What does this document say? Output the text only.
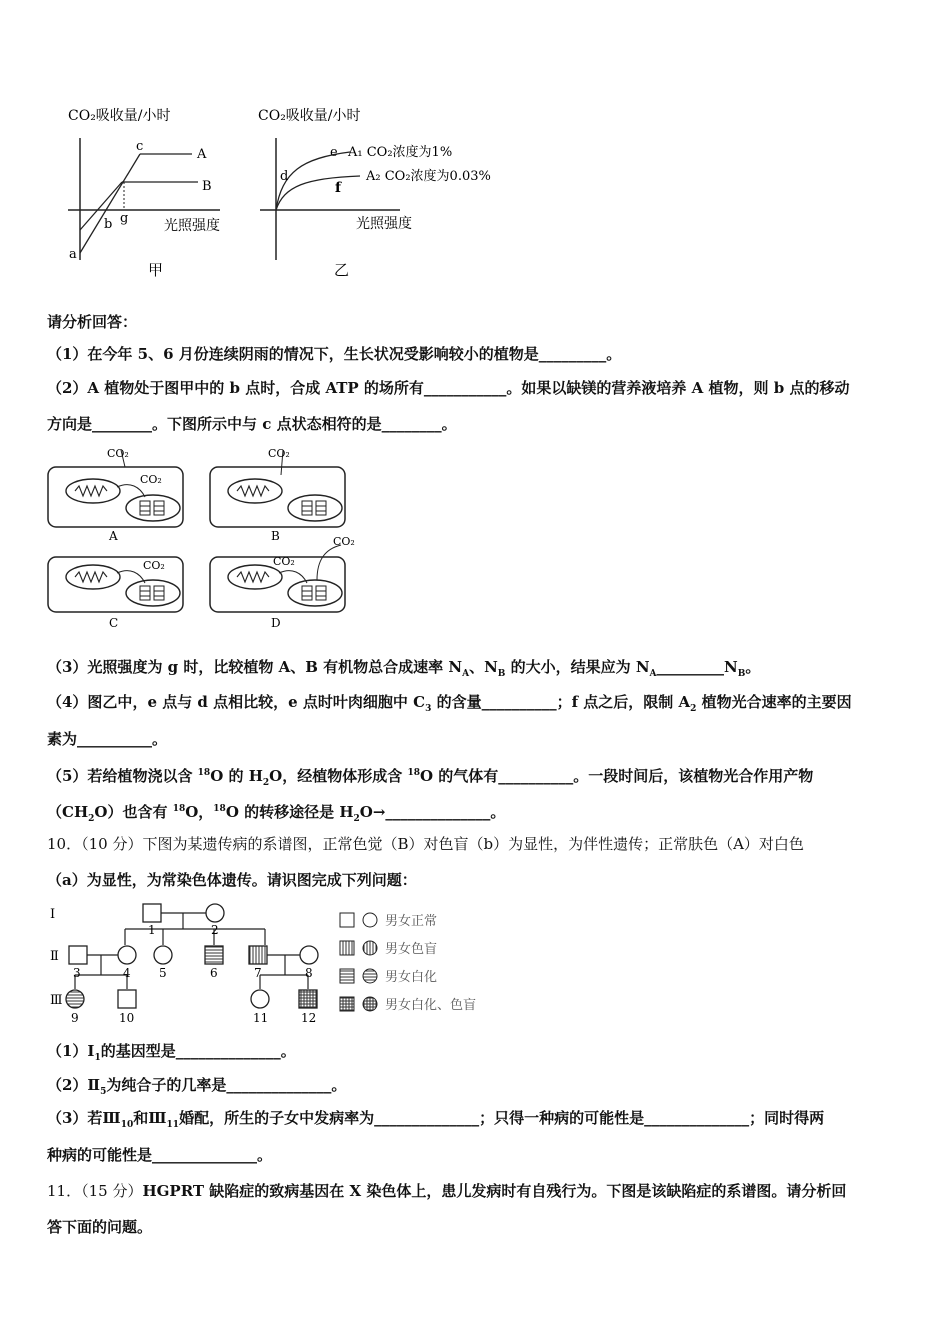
CO₂吸收量/小时
c
A
B
g
b
a
光照强度
甲
CO₂吸收量/小时
e
d
f
A₁ CO₂浓度为1%
A₂ CO₂浓度为0.03%
光照强度
乙
请分析回答：
（1）在今年 5、6 月份连续阴雨的情况下，生长状况受影响较小的植物是_________。
（2）A 植物处于图甲中的 b 点时，合成 ATP 的场所有___________。如果以缺镁的营养液培养 A 植物，则 b 点的移动
方向是________。下图所示中与 c 点状态相符的是________。
CO₂
CO₂
A
CO₂
B
CO₂
C
CO₂
CO₂
D
（3）光照强度为 g 时，比较植物 A、B 有机物总合成速率 $N_A$、$N_B$ 的大小，结果应为 $N_A\_\_\_\_\_\_\_\_\_N_B$。
（4）图乙中，e 点与 d 点相比较，e 点时叶肉细胞中 $C_3$ 的含量__________；f 点之后，限制 $A_2$ 植物光合速率的主要因
素为__________。
（5）若给植物浇以含 $^{18}$O 的 $H_2O$，经植物体形成含 $^{18}$O 的气体有__________。一段时间后，该植物光合作用产物
$(CH_2O)$也含有 $^{18}$O，$^{18}$O 的转移途径是 $H_2O\to\_\_\_\_\_\_\_\_\_\_\_\_\_\_$。
10．（10 分）下图为某遗传病的系谱图，正常色觉（B）对色盲（b）为显性，为伴性遗传；正常肤色（A）对白色
（a）为显性，为常染色体遗传。请识图完成下列问题：
Ⅰ
Ⅱ
Ⅲ
1	2
3	4 5	6	7	8
9	10	11	12
男女正常
男女色盲
男女白化
男女白化、色盲
$(1)Ⅰ_1$的基因型是______________。
$(2)Ⅱ_5$为纯合子的几率是______________。
（3）若$Ⅲ_{10}$和$Ⅲ_{11}$婚配，所生的子女中发病率为______________；只得一种病的可能性是______________；同时得两
种病的可能性是______________。
11．（15 分）HGPRT 缺陷症的致病基因在 X 染色体上，患儿发病时有自残行为。下图是该缺陷症的系谱图。请分析回
答下面的问题。
